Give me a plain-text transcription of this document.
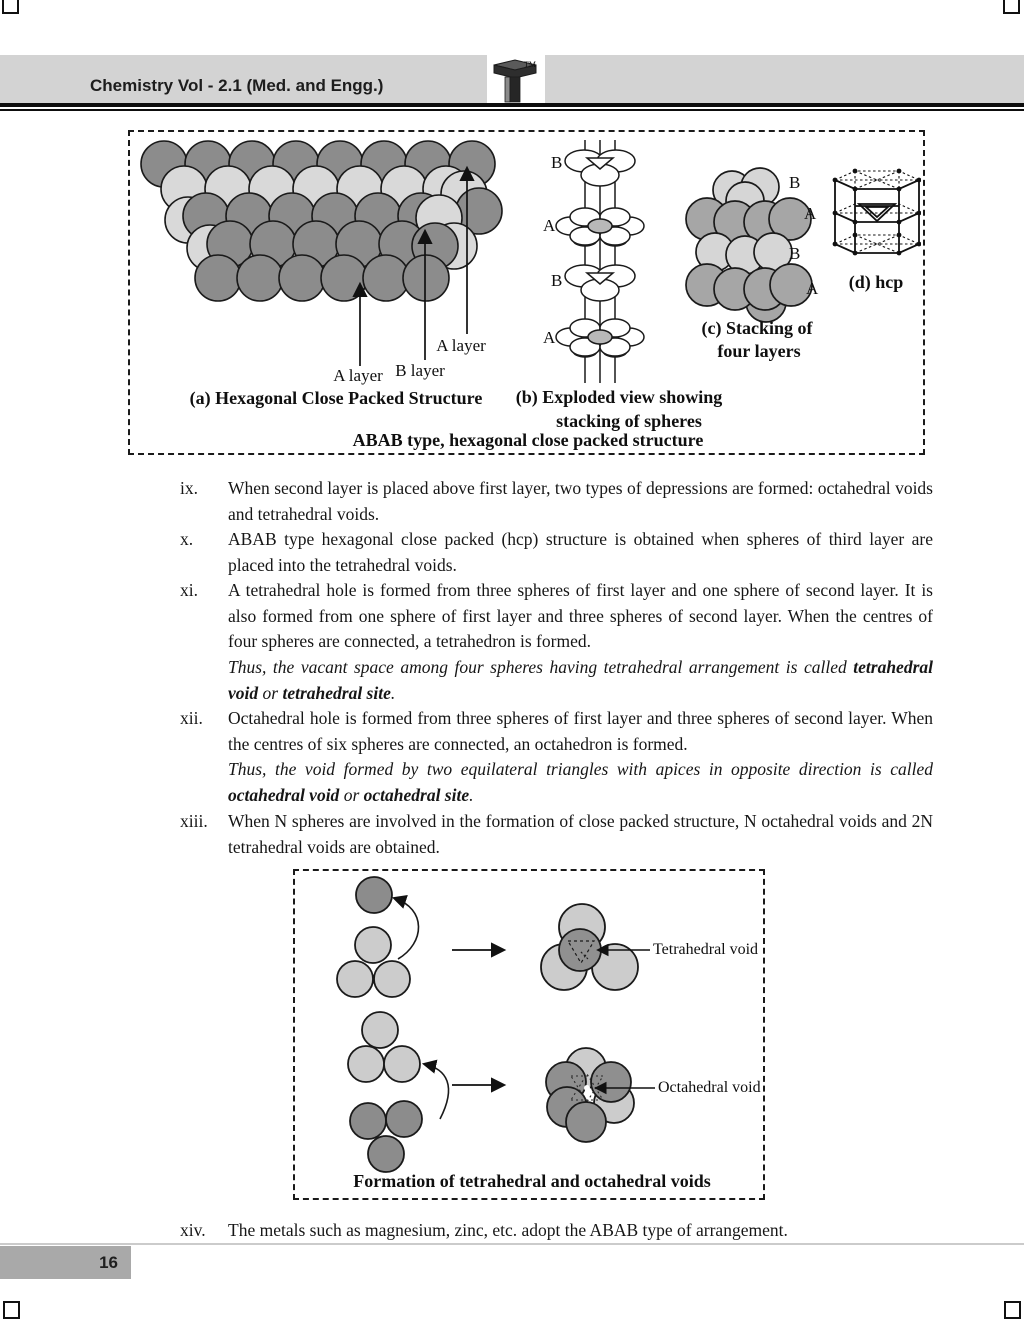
TM
Chemistry Vol - 2.1 (Med. and Engg.)
A layer B layer
A layer
B
A
B
A
B
A
B
A
(a) Hexagonal Close Packed Structure (b) Exploded view showing
stacking of spheres
(c) Stacking of
four layers
(d) hcp
ABAB type, hexagonal close packed structure
ix. When second layer is placed above first layer, two types of depressions are formed: octahedral voids and tetrahedral voids.
x. ABAB type hexagonal close packed (hcp) structure is obtained when spheres of third layer are placed into the tetrahedral voids.
xi. A tetrahedral hole is formed from three spheres of first layer and one sphere of second layer. It is also formed from one sphere of first layer and three spheres of second layer. When the centres of four spheres are connected, a tetrahedron is formed.
Thus, the vacant space among four spheres having tetrahedral arrangement is called tetrahedral void or tetrahedral site.
xii. Octahedral hole is formed from three spheres of first layer and three spheres of second layer. When the centres of six spheres are connected, an octahedron is formed.
Thus, the void formed by two equilateral triangles with apices in opposite direction is called octahedral void or octahedral site.
xiii. When N spheres are involved in the formation of close packed structure, N octahedral voids and 2N tetrahedral voids are obtained.
Tetrahedral void
Octahedral void
Formation of tetrahedral and octahedral voids
xiv. The metals such as magnesium, zinc, etc. adopt the ABAB type of arrangement.
16
